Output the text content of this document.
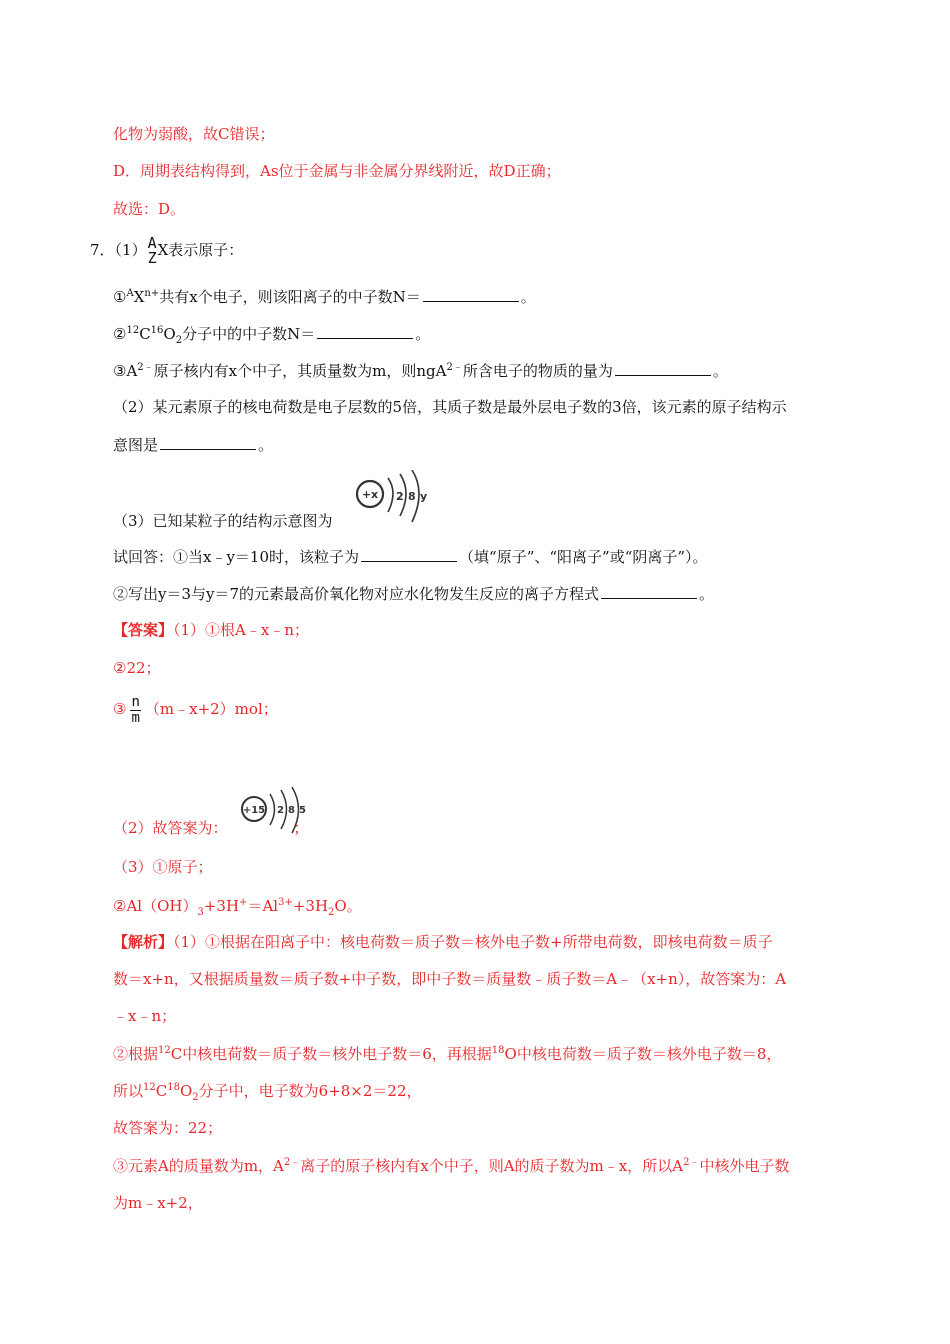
化物为弱酸，故C错误；
D．周期表结构得到，As位于金属与非金属分界线附近，故D正确；
故选：D。
7．（1） A
Z X表示原子：
$①^AX^{n+}$共有x个电子，则该阳离子的中子数N＝	。
$②^{12}C^{16}O_2$分子中的中子数N＝	。
$③A^{2﹣}$原子核内有x个中子，其质量数为m，则ngA$^{2﹣}$所含电子的物质的量为	。
（2）某元素原子的核电荷数是电子层数的5倍，其质子数是最外层电子数的3倍，该元素的原子结构示
意图是	。
（3）已知某粒子的结构示意图为
+x 2 8 y
试回答：①当x﹣y＝10时，该粒子为	（填“原子”、“阳离子”或“阴离子”）。
②写出y＝3与y＝7的元素最高价氧化物对应水化物发生反应的离子方程式	。
【答案】（1）①根A﹣x﹣n；
②22；
③ $\frac{n}{m}$ （m﹣x+2）mol；
+15 2 8 5
（2）故答案为：	；
（3）①原子；
$②Al(OH)_3+3H^+=Al^{3+}+3H_2O$。
【解析】（1）①根据在阳离子中：核电荷数＝质子数＝核外电子数+所带电荷数，即核电荷数＝质子
数＝x+n，又根据质量数＝质子数+中子数，即中子数＝质量数﹣质子数＝A﹣（x+n），故答案为：A
﹣x﹣n；
②根据$^{12}$C中核电荷数＝质子数＝核外电子数＝6，再根据$^{18}$O中核电荷数＝质子数＝核外电子数＝8，
所以$^{12}C^{18}O_2$分子中，电子数为6+8×2＝22，
故答案为：22；
③元素A的质量数为m，$A^{2﹣}$离子的原子核内有x个中子，则A的质子数为m﹣x，所以$A^{2﹣}$中核外电子数
为m﹣x+2，
